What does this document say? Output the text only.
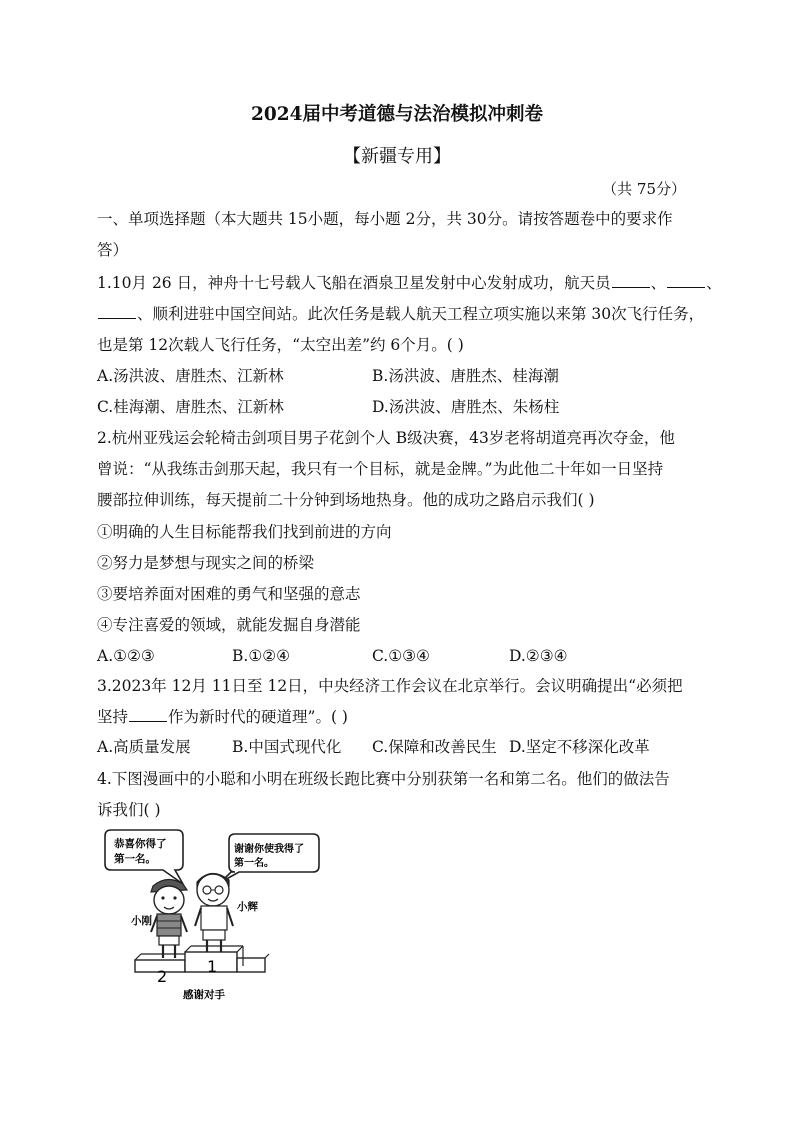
2024届中考道德与法治模拟冲刺卷
【新疆专用】
（共 75分）
一、单项选择题（本大题共 15小题，每小题 2分，共 30分。请按答题卷中的要求作
答）
1.10月 26 日，神舟十七号载人飞船在酒泉卫星发射中心发射成功，航天员	、	、
、顺利进驻中国空间站。此次任务是载人航天工程立项实施以来第 30次飞行任务，
也是第 12次载人飞行任务，“太空出差”约 6个月。( )
A.汤洪波、唐胜杰、江新林	B.汤洪波、唐胜杰、桂海潮
C.桂海潮、唐胜杰、江新林	D.汤洪波、唐胜杰、朱杨柱
2.杭州亚残运会轮椅击剑项目男子花剑个人 B级决赛，43岁老将胡道亮再次夺金，他
曾说：“从我练击剑那天起，我只有一个目标，就是金牌。”为此他二十年如一日坚持
腰部拉伸训练，每天提前二十分钟到场地热身。他的成功之路启示我们( )
①明确的人生目标能帮我们找到前进的方向
②努力是梦想与现实之间的桥梁
③要培养面对困难的勇气和坚强的意志
④专注喜爱的领域，就能发掘自身潜能
A.①②③	B.①②④	C.①③④	D.②③④
3.2023年 12月 11日至 12日，中央经济工作会议在北京举行。会议明确提出“必须把
坚持	作为新时代的硬道理”。( )
A.高质量发展	B.中国式现代化 C.保障和改善民生 D.坚定不移深化改革
4.下图漫画中的小聪和小明在班级长跑比赛中分别获第一名和第二名。他们的做法告
诉我们( )
恭喜你得了
第一名。
谢谢你使我得了
第一名。
2
1
小刚
小辉
感谢对手
